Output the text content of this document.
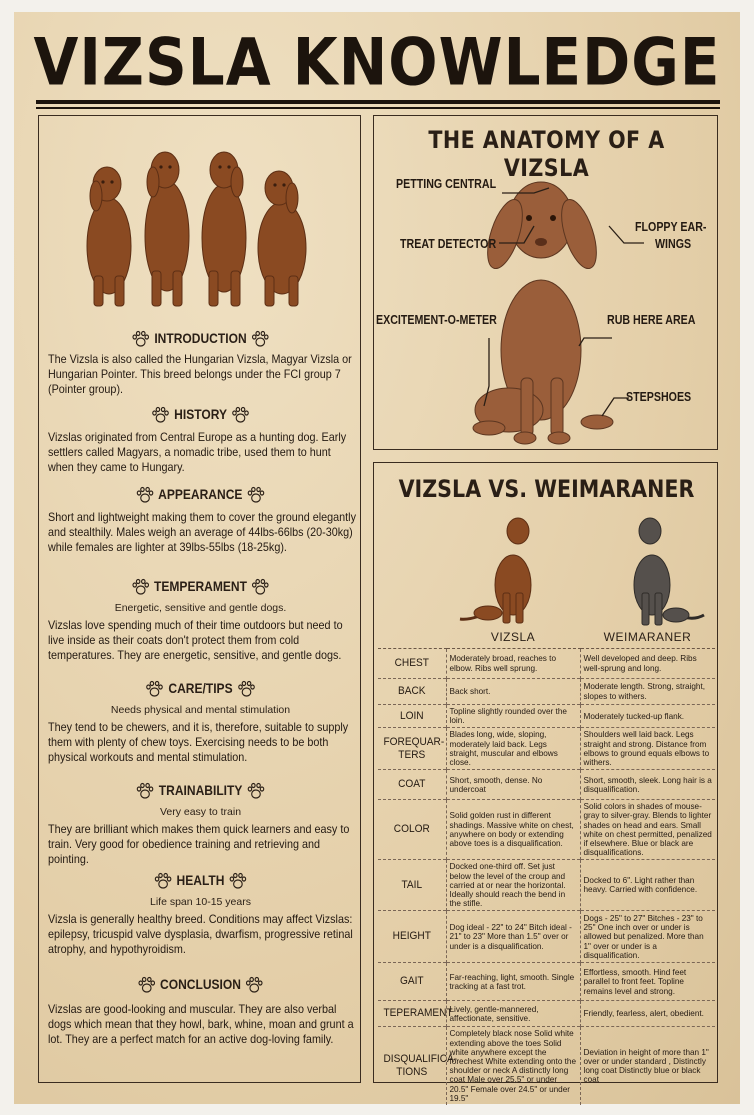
VIZSLA KNOWLEDGE
INTRODUCTION
The Vizsla is also called the Hungarian Vizsla, Magyar Vizsla or Hungarian Pointer. This breed belongs under the FCI group 7 (Pointer group).
HISTORY
Vizslas originated from Central Europe as a hunting dog. Early settlers called Magyars, a nomadic tribe, used them to hunt when they came to Hungary.
APPEARANCE
Short and lightweight making them to cover the ground elegantly and stealthily. Males weigh an average of 44lbs-66lbs (20-30kg) while females are lighter at 39lbs-55lbs (18-25kg).
TEMPERAMENT
Energetic, sensitive and gentle dogs.
Vizslas love spending much of their time outdoors but need to live inside as their coats don't protect them from cold temperatures. They are energetic, sensitive, and gentle dogs.
CARE/TIPS
Needs physical and mental stimulation
They tend to be chewers, and it is, therefore, suitable to supply them with plenty of chew toys. Exercising needs to be both physical workouts and mental stimulation.
TRAINABILITY
Very easy to train
They are brilliant which makes them quick learners and easy to train. Very good for obedience training and retrieving and pointing.
HEALTH
Life span 10-15 years
Vizsla is generally healthy breed. Conditions may affect Vizslas: epilepsy, tricuspid valve dysplasia, dwarfism, progressive retinal atrophy, and hypothyroidism.
CONCLUSION
Vizslas are good-looking and muscular. They are also verbal dogs which mean that they howl, bark, whine, moan and grunt a lot. They are a perfect match for an active dog-loving family.
THE ANATOMY OF A VIZSLA
PETTING CENTRAL
TREAT DETECTOR
FLOPPY EAR-
WINGS
EXCITEMENT-O-METER	RUB HERE AREA
STEPSHOES
VIZSLA VS. WEIMARANER
	VIZSLA	WEIMARANER
CHEST	Moderately broad, reaches to elbow. Ribs well sprung.	Well developed and deep. Ribs well-sprung and long.
BACK	Back short.	Moderate length. Strong, straight, slopes to withers.
LOIN	Topline slightly rounded over the loin.	Moderately tucked-up flank.
FOREQUAR-TERS	Blades long, wide, sloping, moderately laid back. Legs straight, muscular and elbows close.	Shoulders well laid back. Legs straight and strong. Distance from elbows to ground equals elbows to withers.
COAT	Short, smooth, dense. No undercoat	Short, smooth, sleek. Long hair is a disqualification.
COLOR	Solid golden rust in different shadings. Massive white on chest, anywhere on body or extending above toes is a disqualification.	Solid colors in shades of mouse-gray to silver-gray. Blends to lighter shades on head and ears. Small white on chest permitted, penalized if elsewhere. Blue or black are disqualifications.
TAIL	Docked one-third off. Set just below the level of the croup and carried at or near the horizontal. Ideally should reach the bend in the stifle.	Docked to 6". Light rather than heavy. Carried with confidence.
HEIGHT	Dog ideal - 22" to 24" Bitch ideal - 21" to 23" More than 1.5" over or under is a disqualification.	Dogs - 25" to 27" Bitches - 23" to 25" One inch over or under is allowed but penalized. More than 1" over or under is a disqualification.
GAIT	Far-reaching, light, smooth. Single tracking at a fast trot.	Effortless, smooth. Hind feet parallel to front feet. Topline remains level and strong.
TEPERAMENT	Lively, gentle-mannered, affectionate, sensitive.	Friendly, fearless, alert, obedient.
DISQUALIFICA-TIONS	Completely black nose Solid white extending above the toes Solid white anywhere except the forechest White extending onto the shoulder or neck A distinctly long coat Male over 25.5" or under 20.5" Female over 24.5" or under 19.5"	Deviation in height of more than 1" over or under standard , Distinctly long coat Distinctly blue or black coat
